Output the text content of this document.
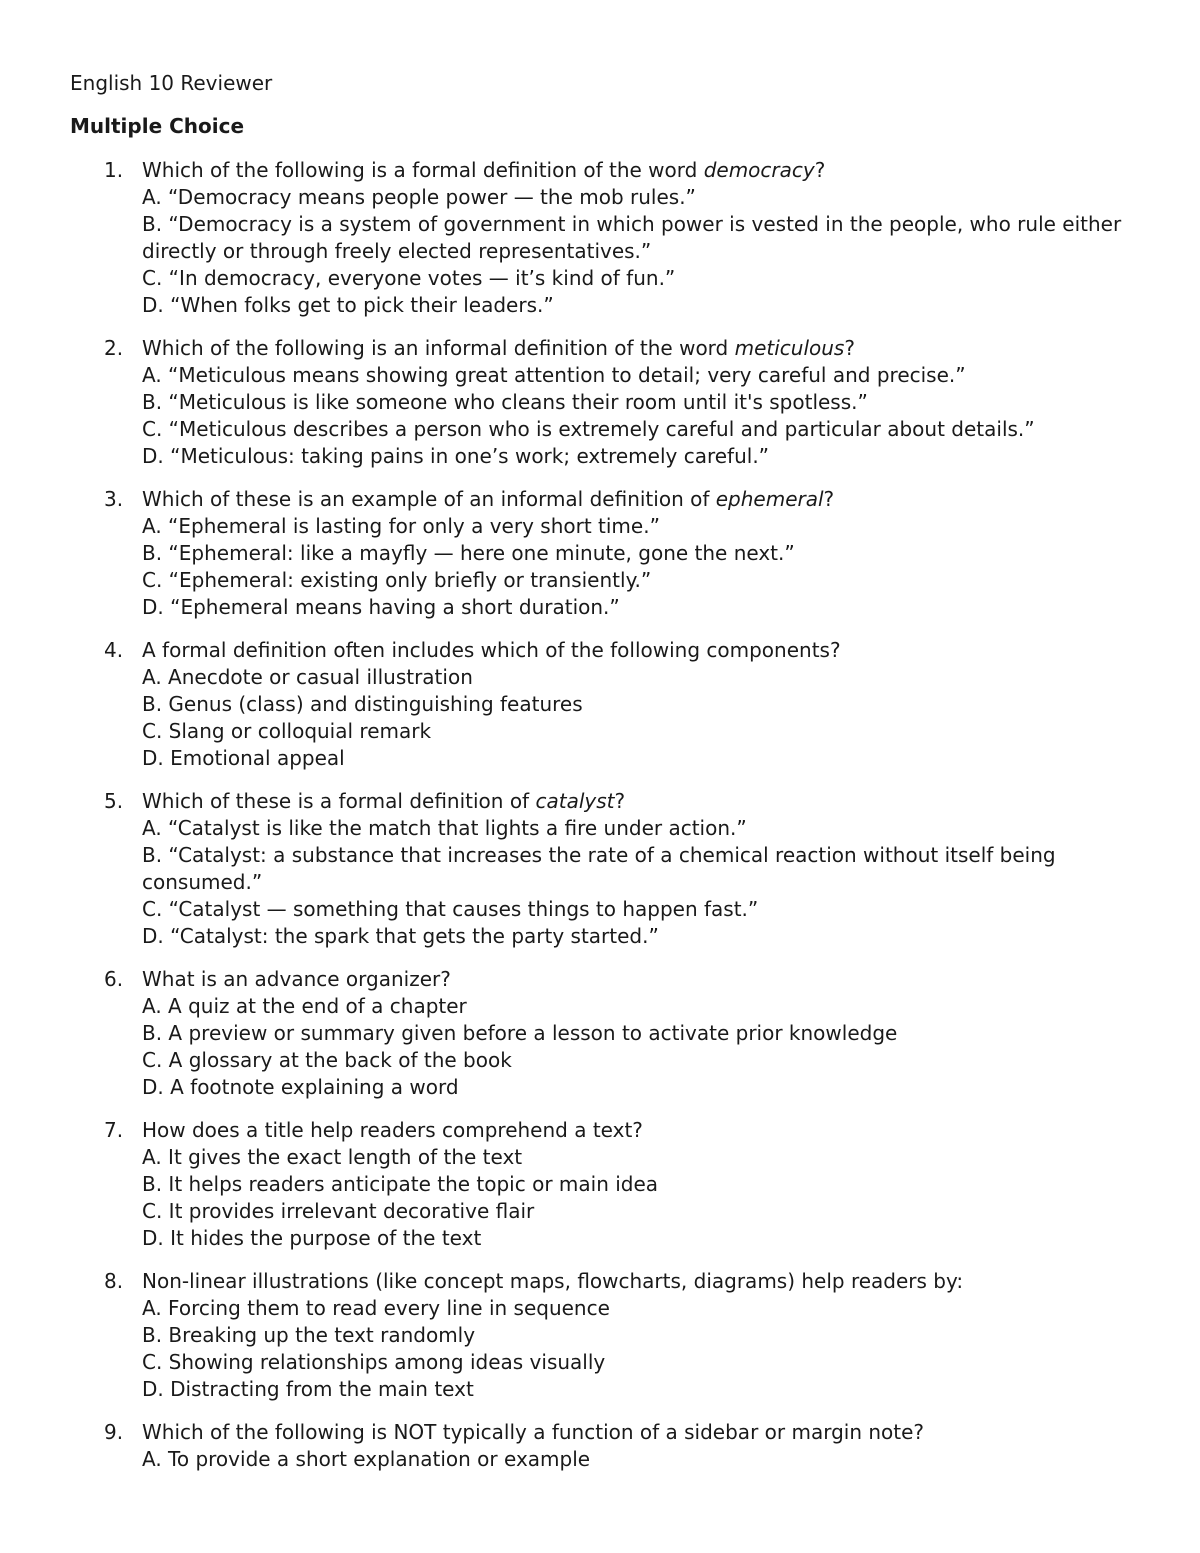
English 10 Reviewer
Multiple Choice
1. Which of the following is a formal definition of the word democracy?
A. “Democracy means people power — the mob rules.”
B. “Democracy is a system of government in which power is vested in the people, who rule either directly or through freely elected representatives.”
C. “In democracy, everyone votes — it’s kind of fun.”
D. “When folks get to pick their leaders.”
2. Which of the following is an informal definition of the word meticulous?
A. “Meticulous means showing great attention to detail; very careful and precise.”
B. “Meticulous is like someone who cleans their room until it's spotless.”
C. “Meticulous describes a person who is extremely careful and particular about details.”
D. “Meticulous: taking pains in one’s work; extremely careful.”
3. Which of these is an example of an informal definition of ephemeral?
A. “Ephemeral is lasting for only a very short time.”
B. “Ephemeral: like a mayfly — here one minute, gone the next.”
C. “Ephemeral: existing only briefly or transiently.”
D. “Ephemeral means having a short duration.”
4. A formal definition often includes which of the following components?
A. Anecdote or casual illustration
B. Genus (class) and distinguishing features
C. Slang or colloquial remark
D. Emotional appeal
5. Which of these is a formal definition of catalyst?
A. “Catalyst is like the match that lights a fire under action.”
B. “Catalyst: a substance that increases the rate of a chemical reaction without itself being consumed.”
C. “Catalyst — something that causes things to happen fast.”
D. “Catalyst: the spark that gets the party started.”
6. What is an advance organizer?
A. A quiz at the end of a chapter
B. A preview or summary given before a lesson to activate prior knowledge
C. A glossary at the back of the book
D. A footnote explaining a word
7. How does a title help readers comprehend a text?
A. It gives the exact length of the text
B. It helps readers anticipate the topic or main idea
C. It provides irrelevant decorative flair
D. It hides the purpose of the text
8. Non-linear illustrations (like concept maps, flowcharts, diagrams) help readers by:
A. Forcing them to read every line in sequence
B. Breaking up the text randomly
C. Showing relationships among ideas visually
D. Distracting from the main text
9. Which of the following is NOT typically a function of a sidebar or margin note?
A. To provide a short explanation or example
